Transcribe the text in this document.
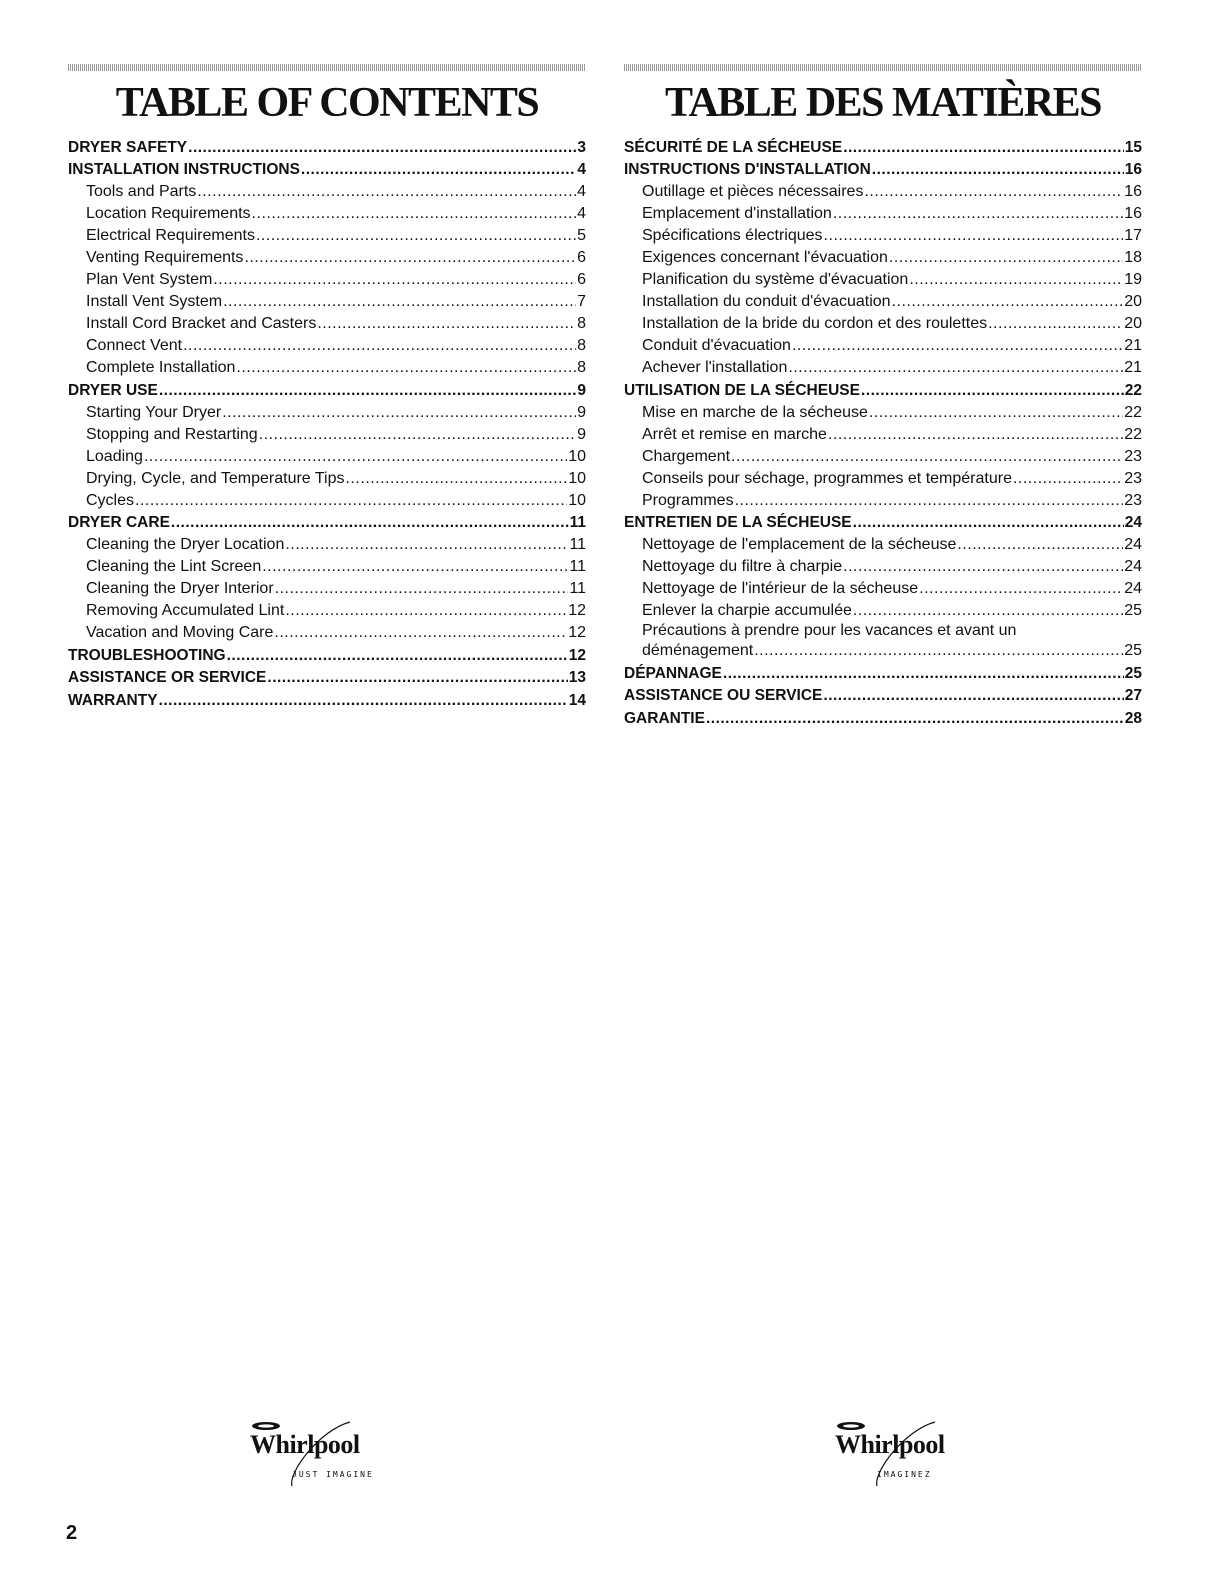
TABLE OF CONTENTS
DRYER SAFETY .....	3
INSTALLATION INSTRUCTIONS .....	4
Tools and Parts .....	4
Location Requirements .....	4
Electrical Requirements .....	5
Venting Requirements .....	6
Plan Vent System .....	6
Install Vent System .....	7
Install Cord Bracket and Casters .....	8
Connect Vent .....	8
Complete Installation .....	8
DRYER USE .....	9
Starting Your Dryer .....	9
Stopping and Restarting .....	9
Loading .....	10
Drying, Cycle, and Temperature Tips .....	10
Cycles .....	10
DRYER CARE .....	11
Cleaning the Dryer Location .....	11
Cleaning the Lint Screen .....	11
Cleaning the Dryer Interior .....	11
Removing Accumulated Lint .....	12
Vacation and Moving Care .....	12
TROUBLESHOOTING .....	12
ASSISTANCE OR SERVICE .....	13
WARRANTY .....	14
TABLE DES MATIÈRES
SÉCURITÉ DE LA SÉCHEUSE .....	15
INSTRUCTIONS D'INSTALLATION .....	16
Outillage et pièces nécessaires .....	16
Emplacement d'installation .....	16
Spécifications électriques .....	17
Exigences concernant l'évacuation .....	18
Planification du système d'évacuation .....	19
Installation du conduit d'évacuation .....	20
Installation de la bride du cordon et des roulettes .....	20
Conduit d'évacuation .....	21
Achever l'installation .....	21
UTILISATION DE LA SÉCHEUSE .....	22
Mise en marche de la sécheuse .....	22
Arrêt et remise en marche .....	22
Chargement .....	23
Conseils pour séchage, programmes et température .....	23
Programmes .....	23
ENTRETIEN DE LA SÉCHEUSE .....	24
Nettoyage de l'emplacement de la sécheuse .....	24
Nettoyage du filtre à charpie .....	24
Nettoyage de l'intérieur de la sécheuse .....	24
Enlever la charpie accumulée .....	25
Précautions à prendre pour les vacances et avant un
déménagement .....	25
DÉPANNAGE .....	25
ASSISTANCE OU SERVICE .....	27
GARANTIE .....	28
Whirlpool
JUST IMAGINE
Whirlpool
IMAGINEZ
2
